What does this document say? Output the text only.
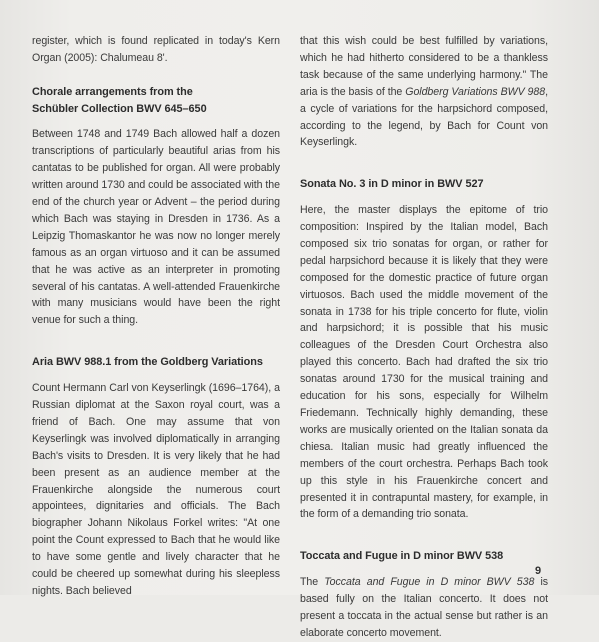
register, which is found replicated in today's Kern Organ (2005): Chalumeau 8'.

Chorale arrangements from the
Schübler Collection BWV 645–650

Between 1748 and 1749 Bach allowed half a dozen transcriptions of particularly beautiful arias from his cantatas to be published for organ. All were probably written around 1730 and could be associated with the end of the church year or Advent – the period during which Bach was staying in Dresden in 1736. As a Leipzig Thomaskantor he was now no longer merely famous as an organ virtuoso and it can be assumed that he was active as an interpreter in promoting several of his cantatas. A well-attended Frauenkirche with many musicians would have been the right venue for such a thing.

Aria BWV 988.1 from the Goldberg Variations

Count Hermann Carl von Keyserlingk (1696–1764), a Russian diplomat at the Saxon royal court, was a friend of Bach. One may assume that von Keyserlingk was involved diplomatically in arranging Bach's visits to Dresden. It is very likely that he had been present as an audience member at the Frauenkirche alongside the numerous court appointees, dignitaries and officials. The Bach biographer Johann Nikolaus Forkel writes: "At one point the Count expressed to Bach that he would like to have some gentle and lively character that he could be cheered up somewhat during his sleepless nights. Bach believed

that this wish could be best fulfilled by variations, which he had hitherto considered to be a thankless task because of the same underlying harmony." The aria is the basis of the Goldberg Variations BWV 988, a cycle of variations for the harpsichord composed, according to the legend, by Bach for Count von Keyserlingk.

Sonata No. 3 in D minor in BWV 527

Here, the master displays the epitome of trio composition: Inspired by the Italian model, Bach composed six trio sonatas for organ, or rather for pedal harpsichord because it is likely that they were composed for the domestic practice of future organ virtuosos. Bach used the middle movement of the sonata in 1738 for his triple concerto for flute, violin and harpsichord; it is possible that his music colleagues of the Dresden Court Orchestra also played this concerto. Bach had drafted the six trio sonatas around 1730 for the musical training and education for his sons, especially for Wilhelm Friedemann. Technically highly demanding, these works are musically oriented on the Italian sonata da chiesa. Italian music had greatly influenced the members of the court orchestra. Perhaps Bach took up this style in his Frauenkirche concert and presented it in contrapuntal mastery, for example, in the form of a demanding trio sonata.

Toccata and Fugue in D minor BWV 538

The Toccata and Fugue in D minor BWV 538 is based fully on the Italian concerto. It does not present a toccata in the actual sense but rather is an elaborate concerto movement.

9
